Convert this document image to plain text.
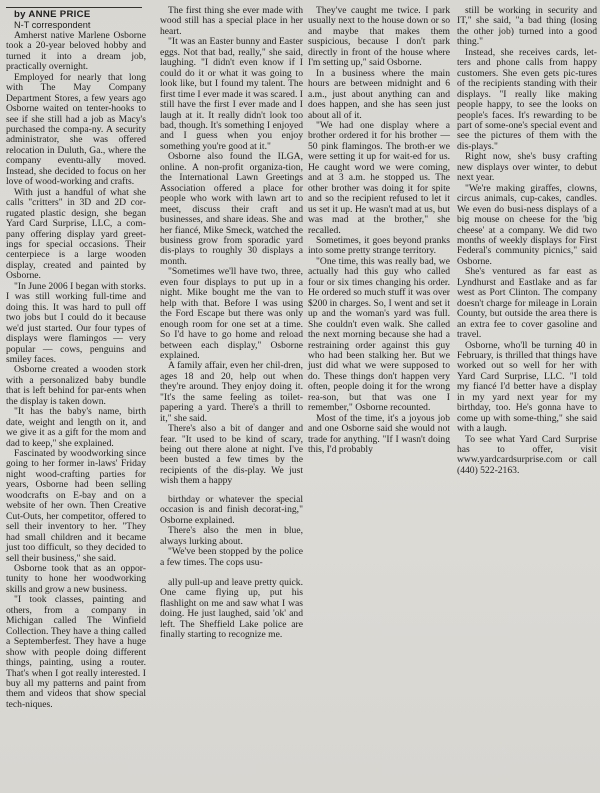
by ANNE PRICE

N-T correspondent

Amherst native Marlene Osborne took a 20-year beloved hobby and turned it into a dream job, practically overnight.

Employed for nearly that long with The May Company Department Stores, a few years ago Osborne waited on tenter-hooks to see if she still had a job as Macy's purchased the compa-ny. A security administrator, she was offered relocation in Duluth, Ga., where the company eventu-ally moved. Instead, she decided to focus on her love of wood-working and crafts.

With just a handful of what she calls "critters" in 3D and 2D cor-rugated plastic design, she began Yard Card Surprise, LLC, a com-pany offering display yard greet-ings for special occasions. Their centerpiece is a large wooden display, created and painted by Osborne.

"In June 2006 I began with storks. I was still working full-time and doing this. It was hard to pull off two jobs but I could do it because we'd just started. Our four types of displays were flamingos — very popular — cows, penguins and smiley faces.

Osborne created a wooden stork with a personalized baby bundle that is left behind for par-ents when the display is taken down.

"It has the baby's name, birth date, weight and length on it, and we give it as a gift for the mom and dad to keep," she explained.

Fascinated by woodworking since going to her former in-laws' Friday night wood-crafting parties for years, Osborne had been selling woodcrafts on E-bay and on a website of her own. Then Creative Cut-Outs, her competitor, offered to sell their inventory to her. "They had small children and it became just too difficult, so they decided to sell their business," she said.

Osborne took that as an oppor-tunity to hone her woodworking skills and grow a new business.

"I took classes, painting and others, from a company in Michigan called The Winfield Collection. They have a thing called a Septemberfest. They have a huge show with people doing different things, painting, using a router. That's when I got really interested. I buy all my patterns and paint from them and videos that show special tech-niques.

The first thing she ever made with wood still has a special place in her heart.

"It was an Easter bunny and Easter eggs. Not that bad, really," she said, laughing. "I didn't even know if I could do it or what it was going to look like, but I found my talent. The first time I ever made it was scared. I still have the first I ever made and I laugh at it. It really didn't look too bad, though. It's something I enjoyed and I guess when you enjoy something you're good at it."

Osborne also found the ILGA, online. A non-profit organiza-tion, the International Lawn Greetings Association offered a place for people who work with lawn art to meet, discuss their craft and businesses, and share ideas. She and her fiancé, Mike Smeck, watched the business grow from sporadic yard dis-plays to roughly 30 displays a month.

"Sometimes we'll have two, three, even four displays to put up in a night. Mike bought me the van to help with that. Before I was using the Ford Escape but there was only enough room for one set at a time. So I'd have to go home and reload between each display," Osborne explained.

A family affair, even her chil-dren, ages 18 and 20, help out when they're around. They enjoy doing it. "It's the same feeling as toilet-papering a yard. There's a thrill to it," she said.

There's also a bit of danger and fear. "It used to be kind of scary, being out there alone at night. I've been busted a few times by the recipients of the dis-play. We just wish them a happy

birthday or whatever the special occasion is and finish decorat-ing," Osborne explained.

There's also the men in blue, always lurking about.

"We've been stopped by the police a few times. The cops usu-

ally pull-up and leave pretty quick. One came flying up, put his flashlight on me and saw what I was doing. He just laughed, said 'ok' and left. The Sheffield Lake police are finally starting to recognize me.

They've caught me twice. I park usually next to the house down or so and maybe that makes them suspicious, because I don't park directly in front of the house where I'm setting up," said Osborne.

In a business where the main hours are between midnight and 6 a.m., just about anything can and does happen, and she has seen just about all of it.

"We had one display where a brother ordered it for his brother — 50 pink flamingos. The broth-er we were setting it up for wait-ed for us. He caught word we were coming, and at 3 a.m. he stopped us. The other brother was doing it for spite and so the recipient refused to let it us set it up. He wasn't mad at us, but was mad at the brother," she recalled.

Sometimes, it goes beyond pranks into some pretty strange territory.

"One time, this was really bad, we actually had this guy who called four or six times changing his order. He ordered so much stuff it was over $200 in charges. So, I went and set it up and the woman's yard was full. She couldn't even walk. She called the next morning because she had a restraining order against this guy who had been stalking her. But we just did what we were supposed to do. These things don't happen very often, people doing it for the wrong rea-son, but that was one I remember," Osborne recounted.

Most of the time, it's a joyous job and one Osborne said she would not trade for anything. "If I wasn't doing this, I'd probably

still be working in security and IT," she said, "a bad thing (losing the other job) turned into a good thing."

Instead, she receives cards, let-ters and phone calls from happy customers. She even gets pic-tures of the recipients standing with their displays. "I really like making people happy, to see the looks on people's faces. It's rewarding to be part of some-one's special event and see the pictures of them with the dis-plays."

Right now, she's busy crafting new displays over winter, to debut next year.

"We're making giraffes, clowns, circus animals, cup-cakes, candles. We even do busi-ness displays of a big mouse on cheese for the 'big cheese' at a company. We did two months of weekly displays for First Federal's community picnics," said Osborne.

She's ventured as far east as Lyndhurst and Eastlake and as far west as Port Clinton. The company doesn't charge for mileage in Lorain County, but outside the area there is an extra fee to cover gasoline and travel.

Osborne, who'll be turning 40 in February, is thrilled that things have worked out so well for her with Yard Card Surprise, LLC. "I told my fiancé I'd better have a display in my yard next year for my birthday, too. He's gonna have to come up with some-thing," she said with a laugh.

To see what Yard Card Surprise has to offer, visit www.yardcardsurprise.com or call (440) 522-2163.
